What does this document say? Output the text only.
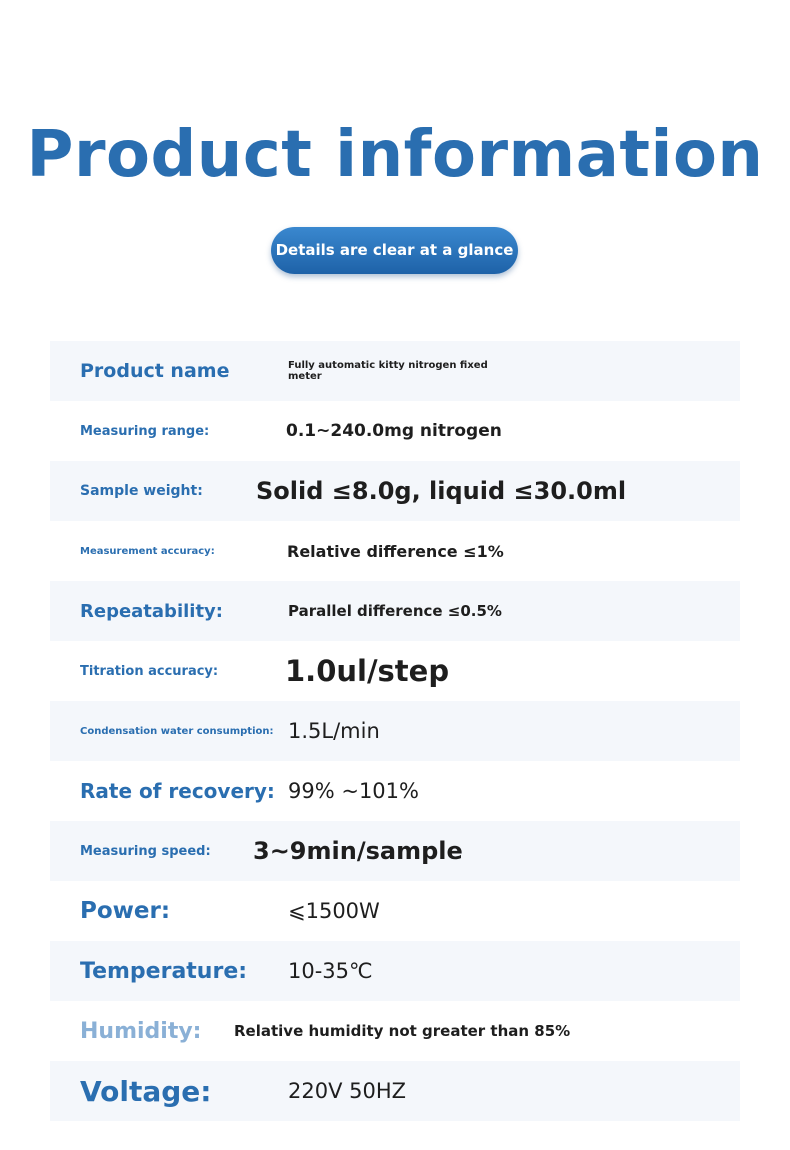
Product information
Details are clear at a glance
Product name	Fully automatic kitty nitrogen fixed meter
Measuring range:	0.1~240.0mg nitrogen
Sample weight: Solid ≤8.0g, liquid ≤30.0ml
Measurement accuracy:	Relative difference ≤1%
Repeatability:	Parallel difference ≤0.5%
Titration accuracy: 1.0ul/step
Condensation water consumption: 1.5L/min
Rate of recovery: 99% ~101%
Measuring speed: 3~9min/sample
Power:	⩽1500W
Temperature: 10-35℃
Humidity: Relative humidity not greater than 85%
Voltage:	220V 50HZ
